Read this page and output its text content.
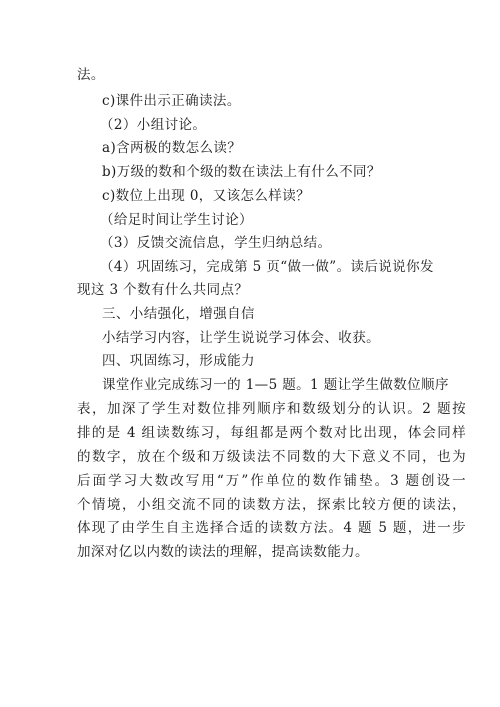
法。
c)课件出示正确读法。
（2）小组讨论。
a)含两极的数怎么读？
b)万级的数和个级的数在读法上有什么不同？
c)数位上出现 0，又该怎么样读？
（给足时间让学生讨论）
（3）反馈交流信息，学生归纳总结。
（4）巩固练习，完成第 5 页“做一做”。读后说说你发
现这 3 个数有什么共同点？
三、小结强化，增强自信
小结学习内容，让学生说说学习体会、收获。
四、巩固练习，形成能力
课堂作业完成练习一的 1—5 题。1 题让学生做数位顺序
表，加深了学生对数位排列顺序和数级划分的认识。2 题按
排的是 4 组读数练习，每组都是两个数对比出现，体会同样
的数字，放在个级和万级读法不同数的大下意义不同，也为
后面学习大数改写用“万”作单位的数作铺垫。3 题创设一
个情境，小组交流不同的读数方法，探索比较方便的读法，
体现了由学生自主选择合适的读数方法。4 题 5 题，进一步
加深对亿以内数的读法的理解，提高读数能力。
